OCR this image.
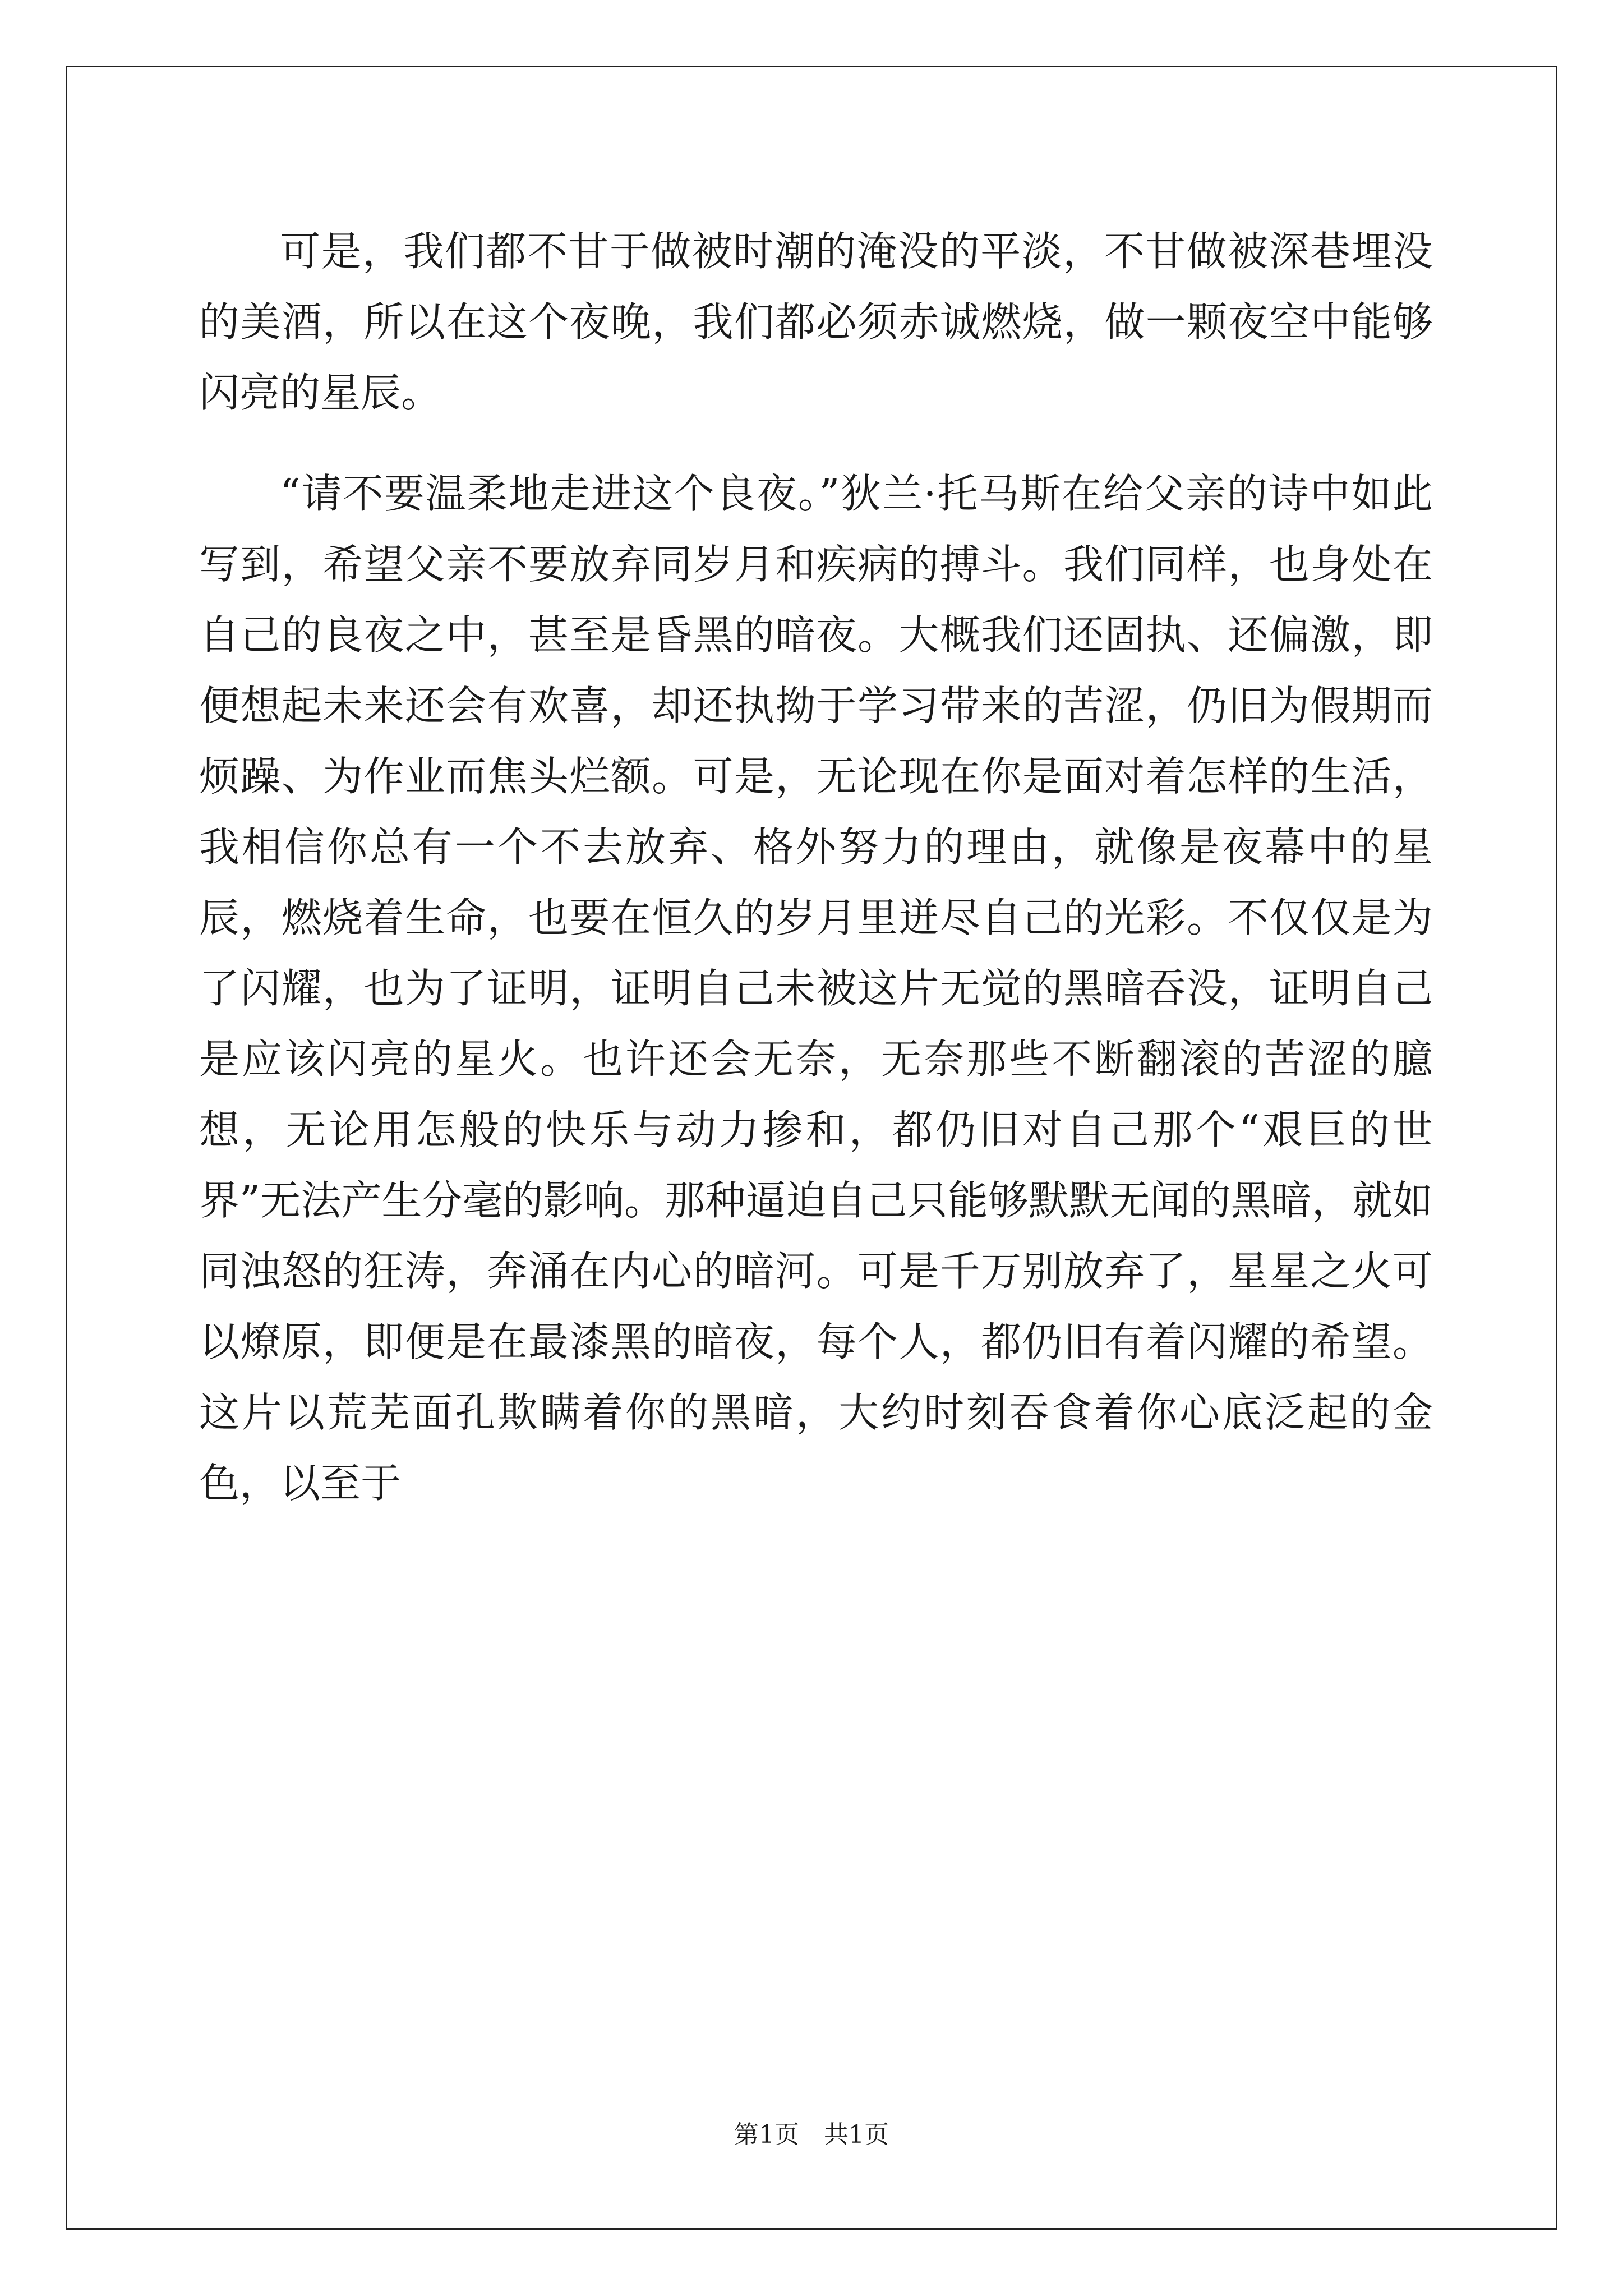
可是，我们都不甘于做被时潮的淹没的平淡，不甘做被深巷埋没的美酒，所以在这个夜晚，我们都必须赤诚燃烧，做一颗夜空中能够闪亮的星辰。

“请不要温柔地走进这个良夜。”狄兰·托马斯在给父亲的诗中如此写到，希望父亲不要放弃同岁月和疾病的搏斗。我们同样，也身处在自己的良夜之中，甚至是昏黑的暗夜。大概我们还固执、还偏激，即便想起未来还会有欢喜，却还执拗于学习带来的苦涩，仍旧为假期而烦躁、为作业而焦头烂额。可是，无论现在你是面对着怎样的生活，我相信你总有一个不去放弃、格外努力的理由，就像是夜幕中的星辰，燃烧着生命，也要在恒久的岁月里迸尽自己的光彩。不仅仅是为了闪耀，也为了证明，证明自己未被这片无觉的黑暗吞没，证明自己是应该闪亮的星火。也许还会无奈，无奈那些不断翻滚的苦涩的臆想，无论用怎般的快乐与动力掺和，都仍旧对自己那个“艰巨的世界”无法产生分毫的影响。那种逼迫自己只能够默默无闻的黑暗，就如同浊怒的狂涛，奔涌在内心的暗河。可是千万别放弃了，星星之火可以燎原，即便是在最漆黑的暗夜，每个人，都仍旧有着闪耀的希望。这片以荒芜面孔欺瞒着你的黑暗，大约时刻吞食着你心底泛起的金色，以至于

第1页　共1页
